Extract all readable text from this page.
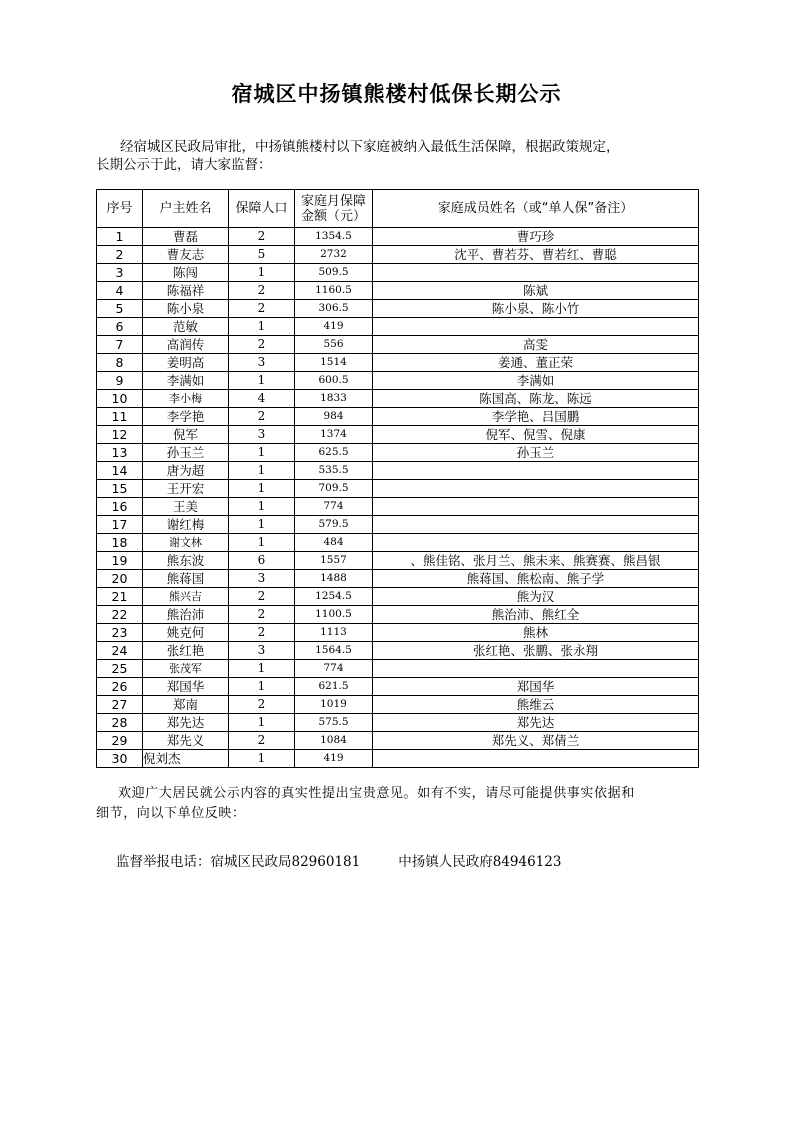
宿城区中扬镇熊楼村低保长期公示
经宿城区民政局审批，中扬镇熊楼村以下家庭被纳入最低生活保障，根据政策规定，
长期公示于此，请大家监督：
序号	户主姓名	保障人口	家庭月保障金额（元）	家庭成员姓名（或“单人保”备注）
1	曹磊	2	1354.5	曹巧珍
2	曹友志	5	2732	沈平、曹若芬、曹若红、曹聪
3	陈闯	1	509.5	
4	陈福祥	2	1160.5	陈斌
5	陈小泉	2	306.5	陈小泉、陈小竹
6	范敏	1	419	
7	高润传	2	556	高雯
8	姜明高	3	1514	姜通、董正荣
9	李满如	1	600.5	李满如
10	李小梅	4	1833	陈国高、陈龙、陈远
11	李学艳	2	984	李学艳、吕国鹏
12	倪军	3	1374	倪军、倪雪、倪康
13	孙玉兰	1	625.5	孙玉兰
14	唐为超	1	535.5	
15	王开宏	1	709.5	
16	王美	1	774	
17	谢红梅	1	579.5	
18	谢文林	1	484	
19	熊东波	6	1557	、熊佳铭、张月兰、熊未来、熊赛赛、熊昌银
20	熊蒋国	3	1488	熊蒋国、熊松南、熊子学
21	熊兴吉	2	1254.5	熊为汉
22	熊治沛	2	1100.5	熊治沛、熊红全
23	姚克何	2	1113	熊林
24	张红艳	3	1564.5	张红艳、张鹏、张永翔
25	张茂军	1	774	
26	郑国华	1	621.5	郑国华
27	郑南	2	1019	熊维云
28	郑先达	1	575.5	郑先达
29	郑先义	2	1084	郑先义、郑倩兰
30	倪刘杰	1	419	
欢迎广大居民就公示内容的真实性提出宝贵意见。如有不实，请尽可能提供事实依据和
细节，向以下单位反映：
监督举报电话：宿城区民政局82960181	中扬镇人民政府84946123
